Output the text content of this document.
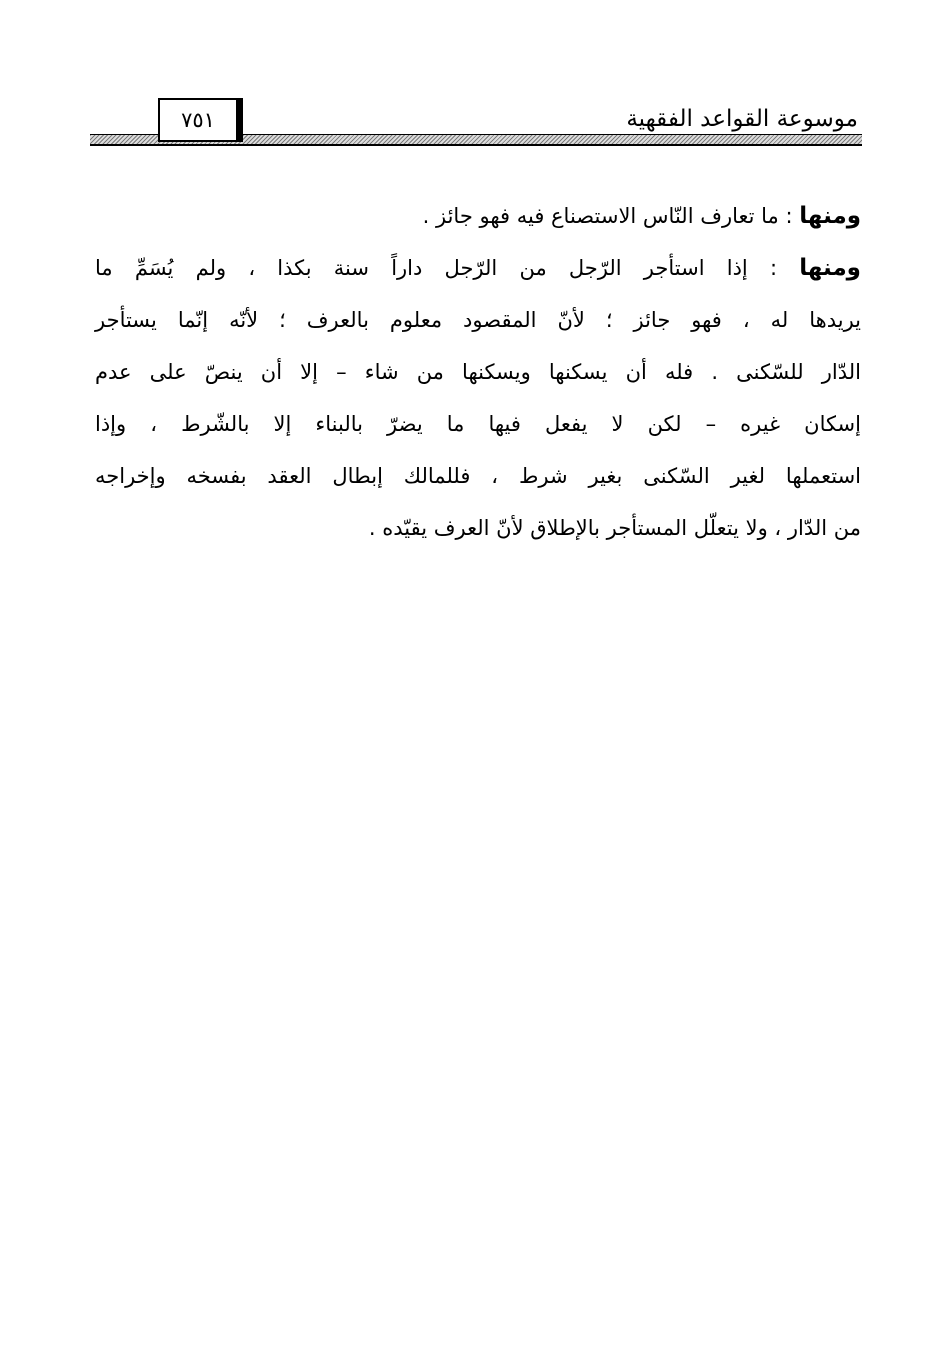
٧٥١	موسوعة القواعد الفقهية
ومنها : ما تعارف النّاس الاستصناع فيه فهو جائز .
ومنها : إذا استأجر الرّجل من الرّجل داراً سنة بكذا ، ولم يُسَمِّ ما
يريدها له ، فهو جائز ؛ لأنّ المقصود معلوم بالعرف ؛ لأنّه إنّما يستأجر
الدّار للسّكنى . فله أن يسكنها ويسكنها من شاء – إلا أن ينصّ على عدم
إسكان غيره – لكن لا يفعل فيها ما يضرّ بالبناء إلا بالشّرط ، وإذا
استعملها لغير السّكنى بغير شرط ، فللمالك إبطال العقد بفسخه وإخراجه
من الدّار ، ولا يتعلّل المستأجر بالإطلاق لأنّ العرف يقيّده .
